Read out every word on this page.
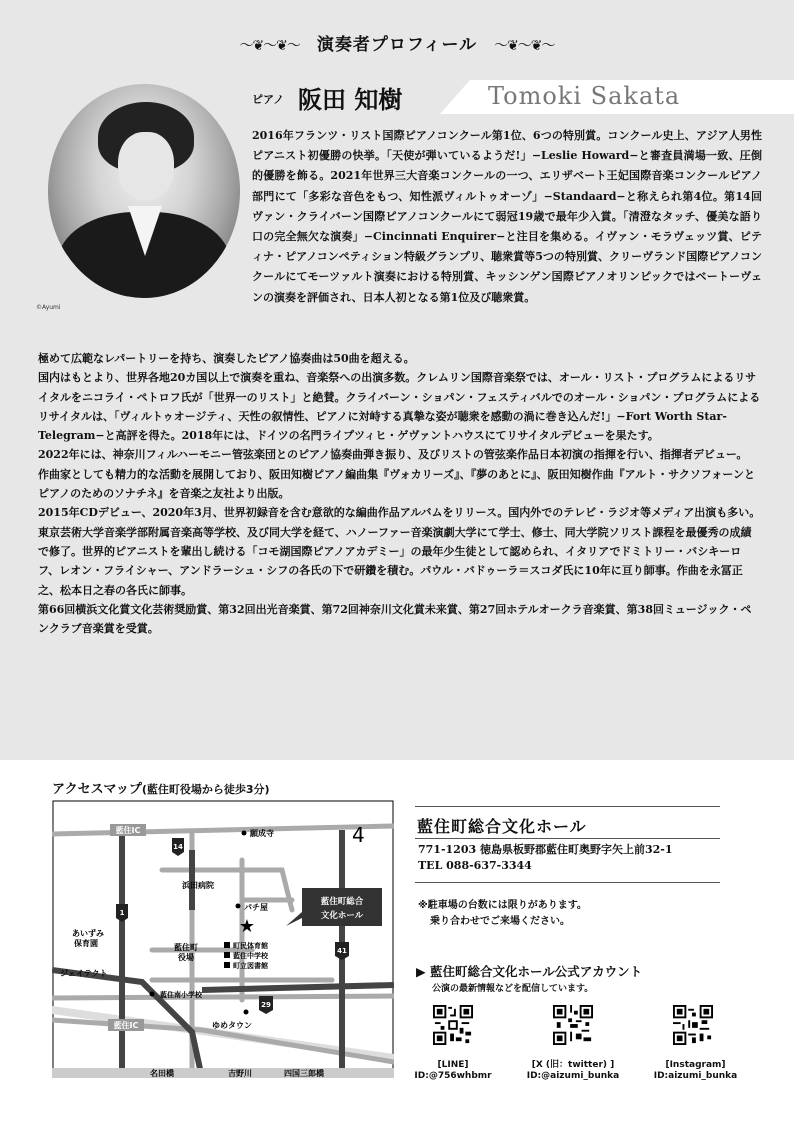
〜❦〜❦〜 演奏者プロフィール 〜❦〜❦〜
©Ayumi
ピアノ 阪田 知樹	Tomoki Sakata
2016年フランツ・リスト国際ピアノコンクール第1位、6つの特別賞。コンクール史上、アジア人男性ピアニスト初優勝の快挙。「天使が弾いているようだ!」−Leslie Howard−と審査員満場一致、圧倒的優勝を飾る。2021年世界三大音楽コンクールの一つ、エリザベート王妃国際音楽コンクールピアノ部門にて「多彩な音色をもつ、知性派ヴィルトゥオーゾ」−Standaard−と称えられ第4位。第14回ヴァン・クライバーン国際ピアノコンクールにて弱冠19歳で最年少入賞。「清澄なタッチ、優美な語り口の完全無欠な演奏」−Cincinnati Enquirer−と注目を集める。イヴァン・モラヴェッツ賞、ピティナ・ピアノコンペティション特級グランプリ、聴衆賞等5つの特別賞、クリーヴランド国際ピアノコンクールにてモーツァルト演奏における特別賞、キッシンゲン国際ピアノオリンピックではベートーヴェンの演奏を評価され、日本人初となる第1位及び聴衆賞。

極めて広範なレパートリーを持ち、演奏したピアノ協奏曲は50曲を超える。

国内はもとより、世界各地20カ国以上で演奏を重ね、音楽祭への出演多数。クレムリン国際音楽祭では、オール・リスト・プログラムによるリサイタルをニコライ・ペトロフ氏が「世界一のリスト」と絶賛。クライバーン・ショパン・フェスティバルでのオール・ショパン・プログラムによるリサイタルは、「ヴィルトゥオージティ、天性の叙情性、ピアノに対峙する真摯な姿が聴衆を感動の渦に巻き込んだ!」−Fort Worth Star-Telegram−と高評を得た。2018年には、ドイツの名門ライプツィヒ・ゲヴァントハウスにてリサイタルデビューを果たす。

2022年には、神奈川フィルハーモニー管弦楽団とのピアノ協奏曲弾き振り、及びリストの管弦楽作品日本初演の指揮を行い、指揮者デビュー。

作曲家としても精力的な活動を展開しており、阪田知樹ピアノ編曲集『ヴォカリーズ』、『夢のあとに』、阪田知樹作曲『アルト・サクソフォーンとピアノのためのソナチネ』を音楽之友社より出版。

2015年CDデビュー、2020年3月、世界初録音を含む意欲的な編曲作品アルバムをリリース。国内外でのテレビ・ラジオ等メディア出演も多い。

東京芸術大学音楽学部附属音楽高等学校、及び同大学を経て、ハノーファー音楽演劇大学にて学士、修士、同大学院ソリスト課程を最優秀の成績で修了。世界的ピアニストを輩出し続ける「コモ湖国際ピアノアカデミー」の最年少生徒として認められ、イタリアでドミトリー・バシキーロフ、レオン・フライシャー、アンドラーシュ・シフの各氏の下で研鑽を積む。パウル・バドゥーラ＝スコダ氏に10年に亘り師事。作曲を永冨正之、松本日之春の各氏に師事。

第66回横浜文化賞文化芸術奨励賞、第32回出光音楽賞、第72回神奈川文化賞未来賞、第27回ホテルオークラ音楽賞、第38回ミュージック・ペンクラブ音楽賞を受賞。

アクセスマップ(藍住町役場から徒歩3分)
14
1
41
29
藍住IC
藍住IC
願成寺
浜田病院
パチ屋
★
藍住町総合
文化ホール
藍住町
役場
町民体育館
藍住中学校
町立図書館
あいずみ
保育園
ジェイテクト
藍住南小学校
ゆめタウン
名田橋	吉野川	四国三郎橋
4	藍住町総合文化ホール
771-1203 徳島県板野郡藍住町奥野字矢上前32-1
TEL 088-637-3344
※駐車場の台数には限りがあります。
乗り合わせでご来場ください。
▶ 藍住町総合文化ホール公式アカウント
公演の最新情報などを配信しています。
[LINE]
ID:@756whbmr
[X (旧：twitter) ]
ID:@aizumi_bunka
[Instagram]
ID:aizumi_bunka
